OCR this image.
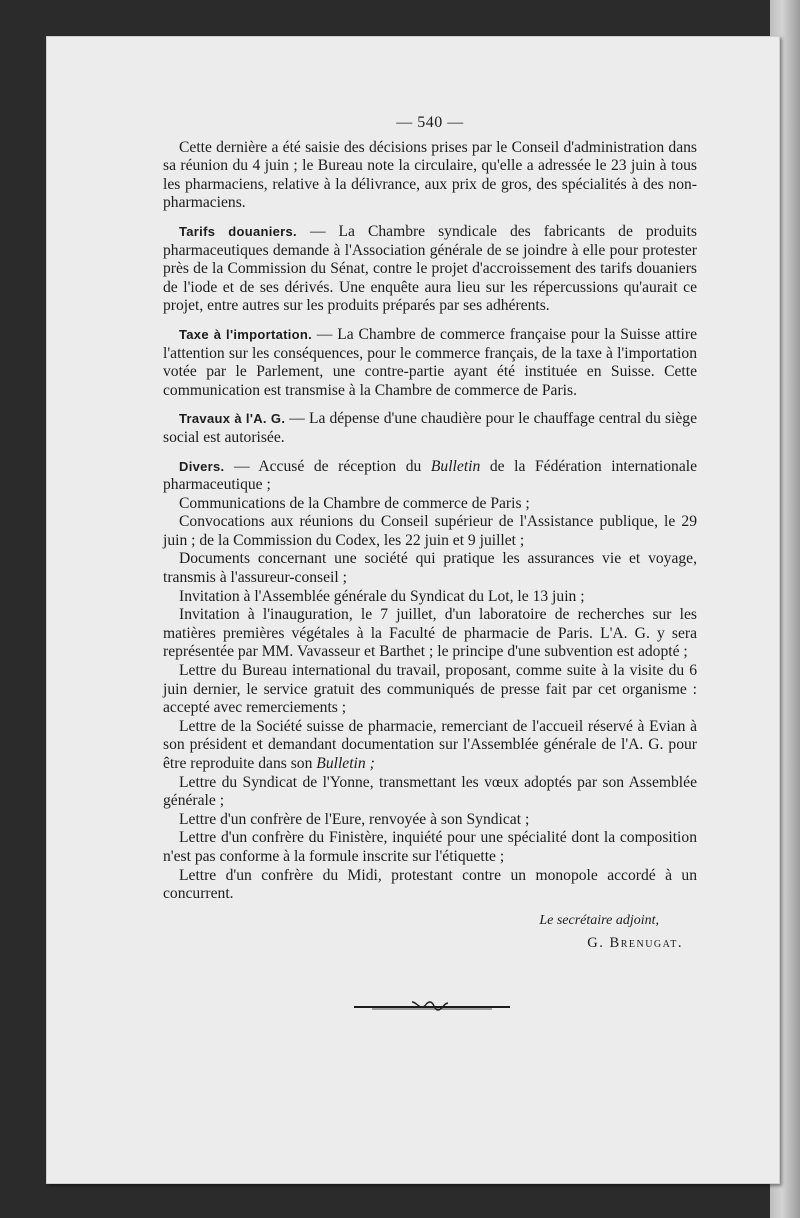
— 540 —

Cette dernière a été saisie des décisions prises par le Conseil d'administration dans sa réunion du 4 juin ; le Bureau note la circulaire, qu'elle a adressée le 23 juin à tous les pharmaciens, relative à la délivrance, aux prix de gros, des spécialités à des non-pharmaciens.

Tarifs douaniers. — La Chambre syndicale des fabricants de produits pharmaceutiques demande à l'Association générale de se joindre à elle pour protester près de la Commission du Sénat, contre le projet d'accroissement des tarifs douaniers de l'iode et de ses dérivés. Une enquête aura lieu sur les répercussions qu'aurait ce projet, entre autres sur les produits préparés par ses adhérents.

Taxe à l'importation. — La Chambre de commerce française pour la Suisse attire l'attention sur les conséquences, pour le commerce français, de la taxe à l'importation votée par le Parlement, une contre-partie ayant été instituée en Suisse. Cette communication est transmise à la Chambre de commerce de Paris.

Travaux à l'A. G. — La dépense d'une chaudière pour le chauffage central du siège social est autorisée.

Divers. — Accusé de réception du Bulletin de la Fédération internationale pharmaceutique ;

Communications de la Chambre de commerce de Paris ;

Convocations aux réunions du Conseil supérieur de l'Assistance publique, le 29 juin ; de la Commission du Codex, les 22 juin et 9 juillet ;

Documents concernant une société qui pratique les assurances vie et voyage, transmis à l'assureur-conseil ;

Invitation à l'Assemblée générale du Syndicat du Lot, le 13 juin ;

Invitation à l'inauguration, le 7 juillet, d'un laboratoire de recherches sur les matières premières végétales à la Faculté de pharmacie de Paris. L'A. G. y sera représentée par MM. Vavasseur et Barthet ; le principe d'une subvention est adopté ;

Lettre du Bureau international du travail, proposant, comme suite à la visite du 6 juin dernier, le service gratuit des communiqués de presse fait par cet organisme : accepté avec remerciements ;

Lettre de la Société suisse de pharmacie, remerciant de l'accueil réservé à Evian à son président et demandant documentation sur l'Assemblée générale de l'A. G. pour être reproduite dans son Bulletin ;

Lettre du Syndicat de l'Yonne, transmettant les vœux adoptés par son Assemblée générale ;

Lettre d'un confrère de l'Eure, renvoyée à son Syndicat ;

Lettre d'un confrère du Finistère, inquiété pour une spécialité dont la composition n'est pas conforme à la formule inscrite sur l'étiquette ;

Lettre d'un confrère du Midi, protestant contre un monopole accordé à un concurrent.

Le secrétaire adjoint,
G. Brenugat.
